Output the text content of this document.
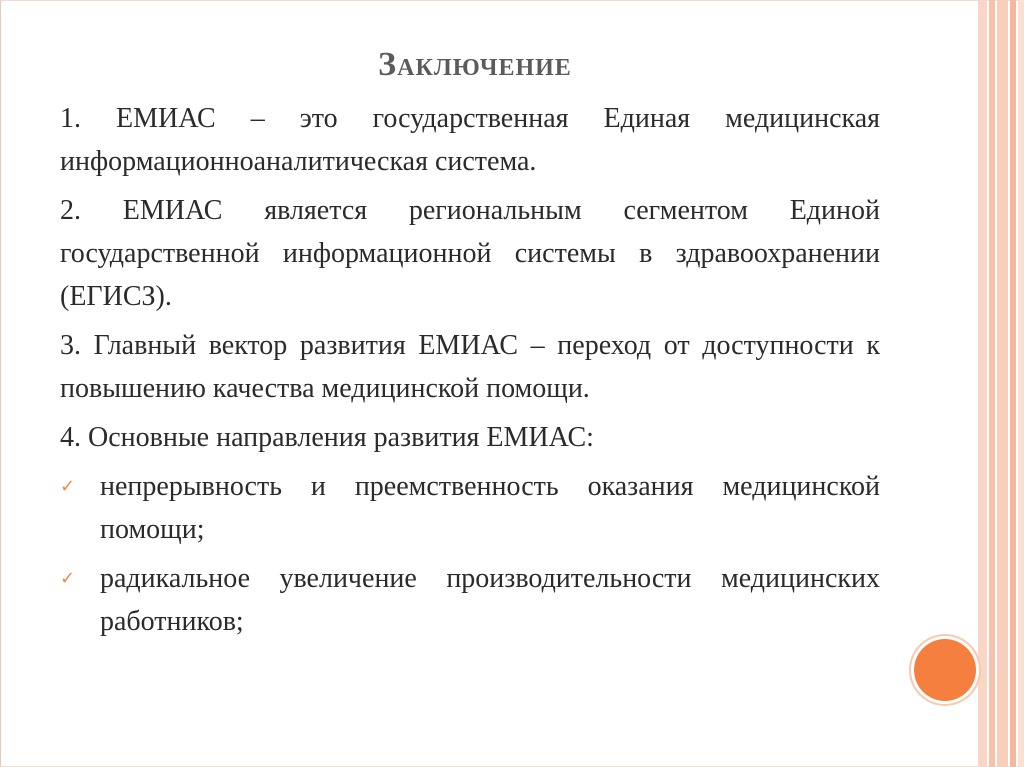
Заключение

1. ЕМИАС – это государственная Единая медицинская информационноаналитическая система.

2. ЕМИАС является региональным сегментом Единой государственной информационной системы в здравоохранении (ЕГИСЗ).

3. Главный вектор развития ЕМИАС – переход от доступности к повышению качества медицинской помощи.

4. Основные направления развития ЕМИАС:

✓ непрерывность и преемственность оказания медицинской помощи;
✓ радикальное увеличение производительности медицинских работников;
